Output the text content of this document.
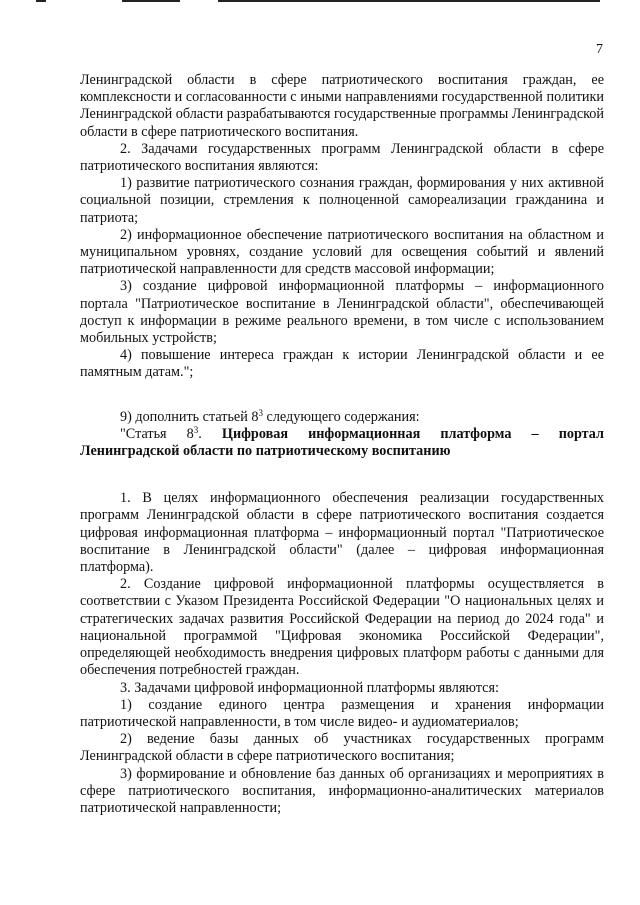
7

Ленинградской области в сфере патриотического воспитания граждан, ее комплексности и согласованности с иными направлениями государственной политики Ленинградской области разрабатываются государственные программы Ленинградской области в сфере патриотического воспитания.

2. Задачами государственных программ Ленинградской области в сфере патриотического воспитания являются:

1) развитие патриотического сознания граждан, формирования у них активной социальной позиции, стремления к полноценной самореализации гражданина и патриота;

2) информационное обеспечение патриотического воспитания на областном и муниципальном уровнях, создание условий для освещения событий и явлений патриотической направленности для средств массовой информации;

3) создание цифровой информационной платформы – информационного портала "Патриотическое воспитание в Ленинградской области", обеспечивающей доступ к информации в режиме реального времени, в том числе с использованием мобильных устройств;

4) повышение интереса граждан к истории Ленинградской области и ее памятным датам.";

9) дополнить статьей $8^3$ следующего содержания:

"Статья $8^3$. Цифровая информационная платформа – портал Ленинградской области по патриотическому воспитанию

1. В целях информационного обеспечения реализации государственных программ Ленинградской области в сфере патриотического воспитания создается цифровая информационная платформа – информационный портал "Патриотическое воспитание в Ленинградской области" (далее – цифровая информационная платформа).

2. Создание цифровой информационной платформы осуществляется в соответствии с Указом Президента Российской Федерации "О национальных целях и стратегических задачах развития Российской Федерации на период до 2024 года" и национальной программой "Цифровая экономика Российской Федерации", определяющей необходимость внедрения цифровых платформ работы с данными для обеспечения потребностей граждан.

3. Задачами цифровой информационной платформы являются:

1) создание единого центра размещения и хранения информации патриотической направленности, в том числе видео- и аудиоматериалов;

2) ведение базы данных об участниках государственных программ Ленинградской области в сфере патриотического воспитания;

3) формирование и обновление баз данных об организациях и мероприятиях в сфере патриотического воспитания, информационно-аналитических материалов патриотической направленности;
